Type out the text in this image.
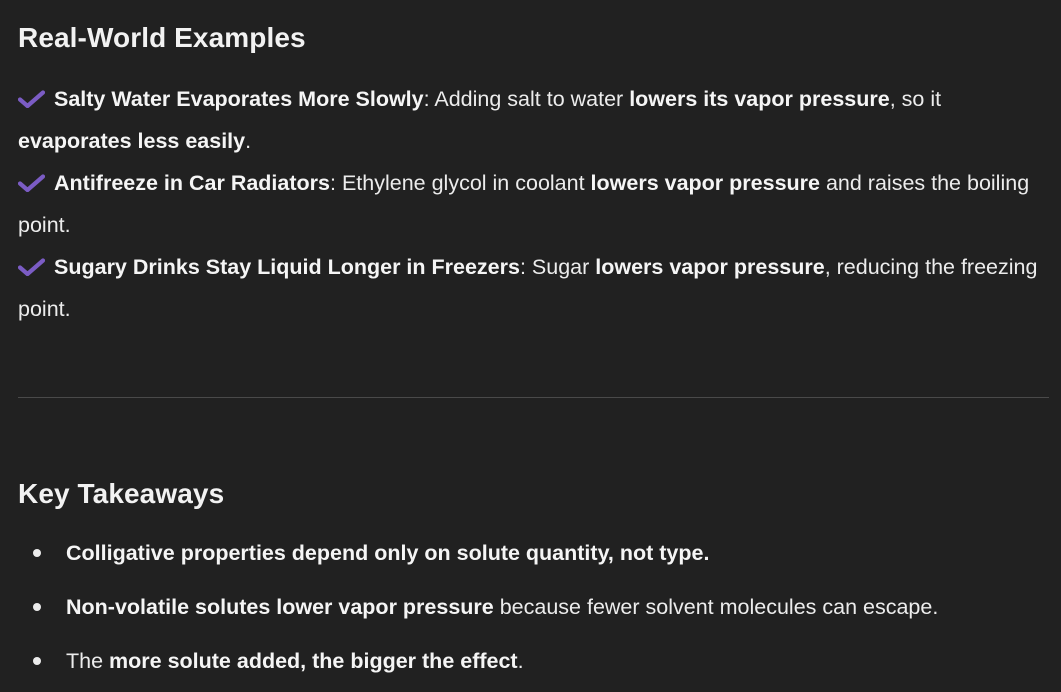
Real-World Examples

Salty Water Evaporates More Slowly: Adding salt to water lowers its vapor pressure, so it evaporates less easily.

Antifreeze in Car Radiators: Ethylene glycol in coolant lowers vapor pressure and raises the boiling point.

Sugary Drinks Stay Liquid Longer in Freezers: Sugar lowers vapor pressure, reducing the freezing point.

Key Takeaways
Colligative properties depend only on solute quantity, not type.
Non-volatile solutes lower vapor pressure because fewer solvent molecules can escape.
The more solute added, the bigger the effect.
